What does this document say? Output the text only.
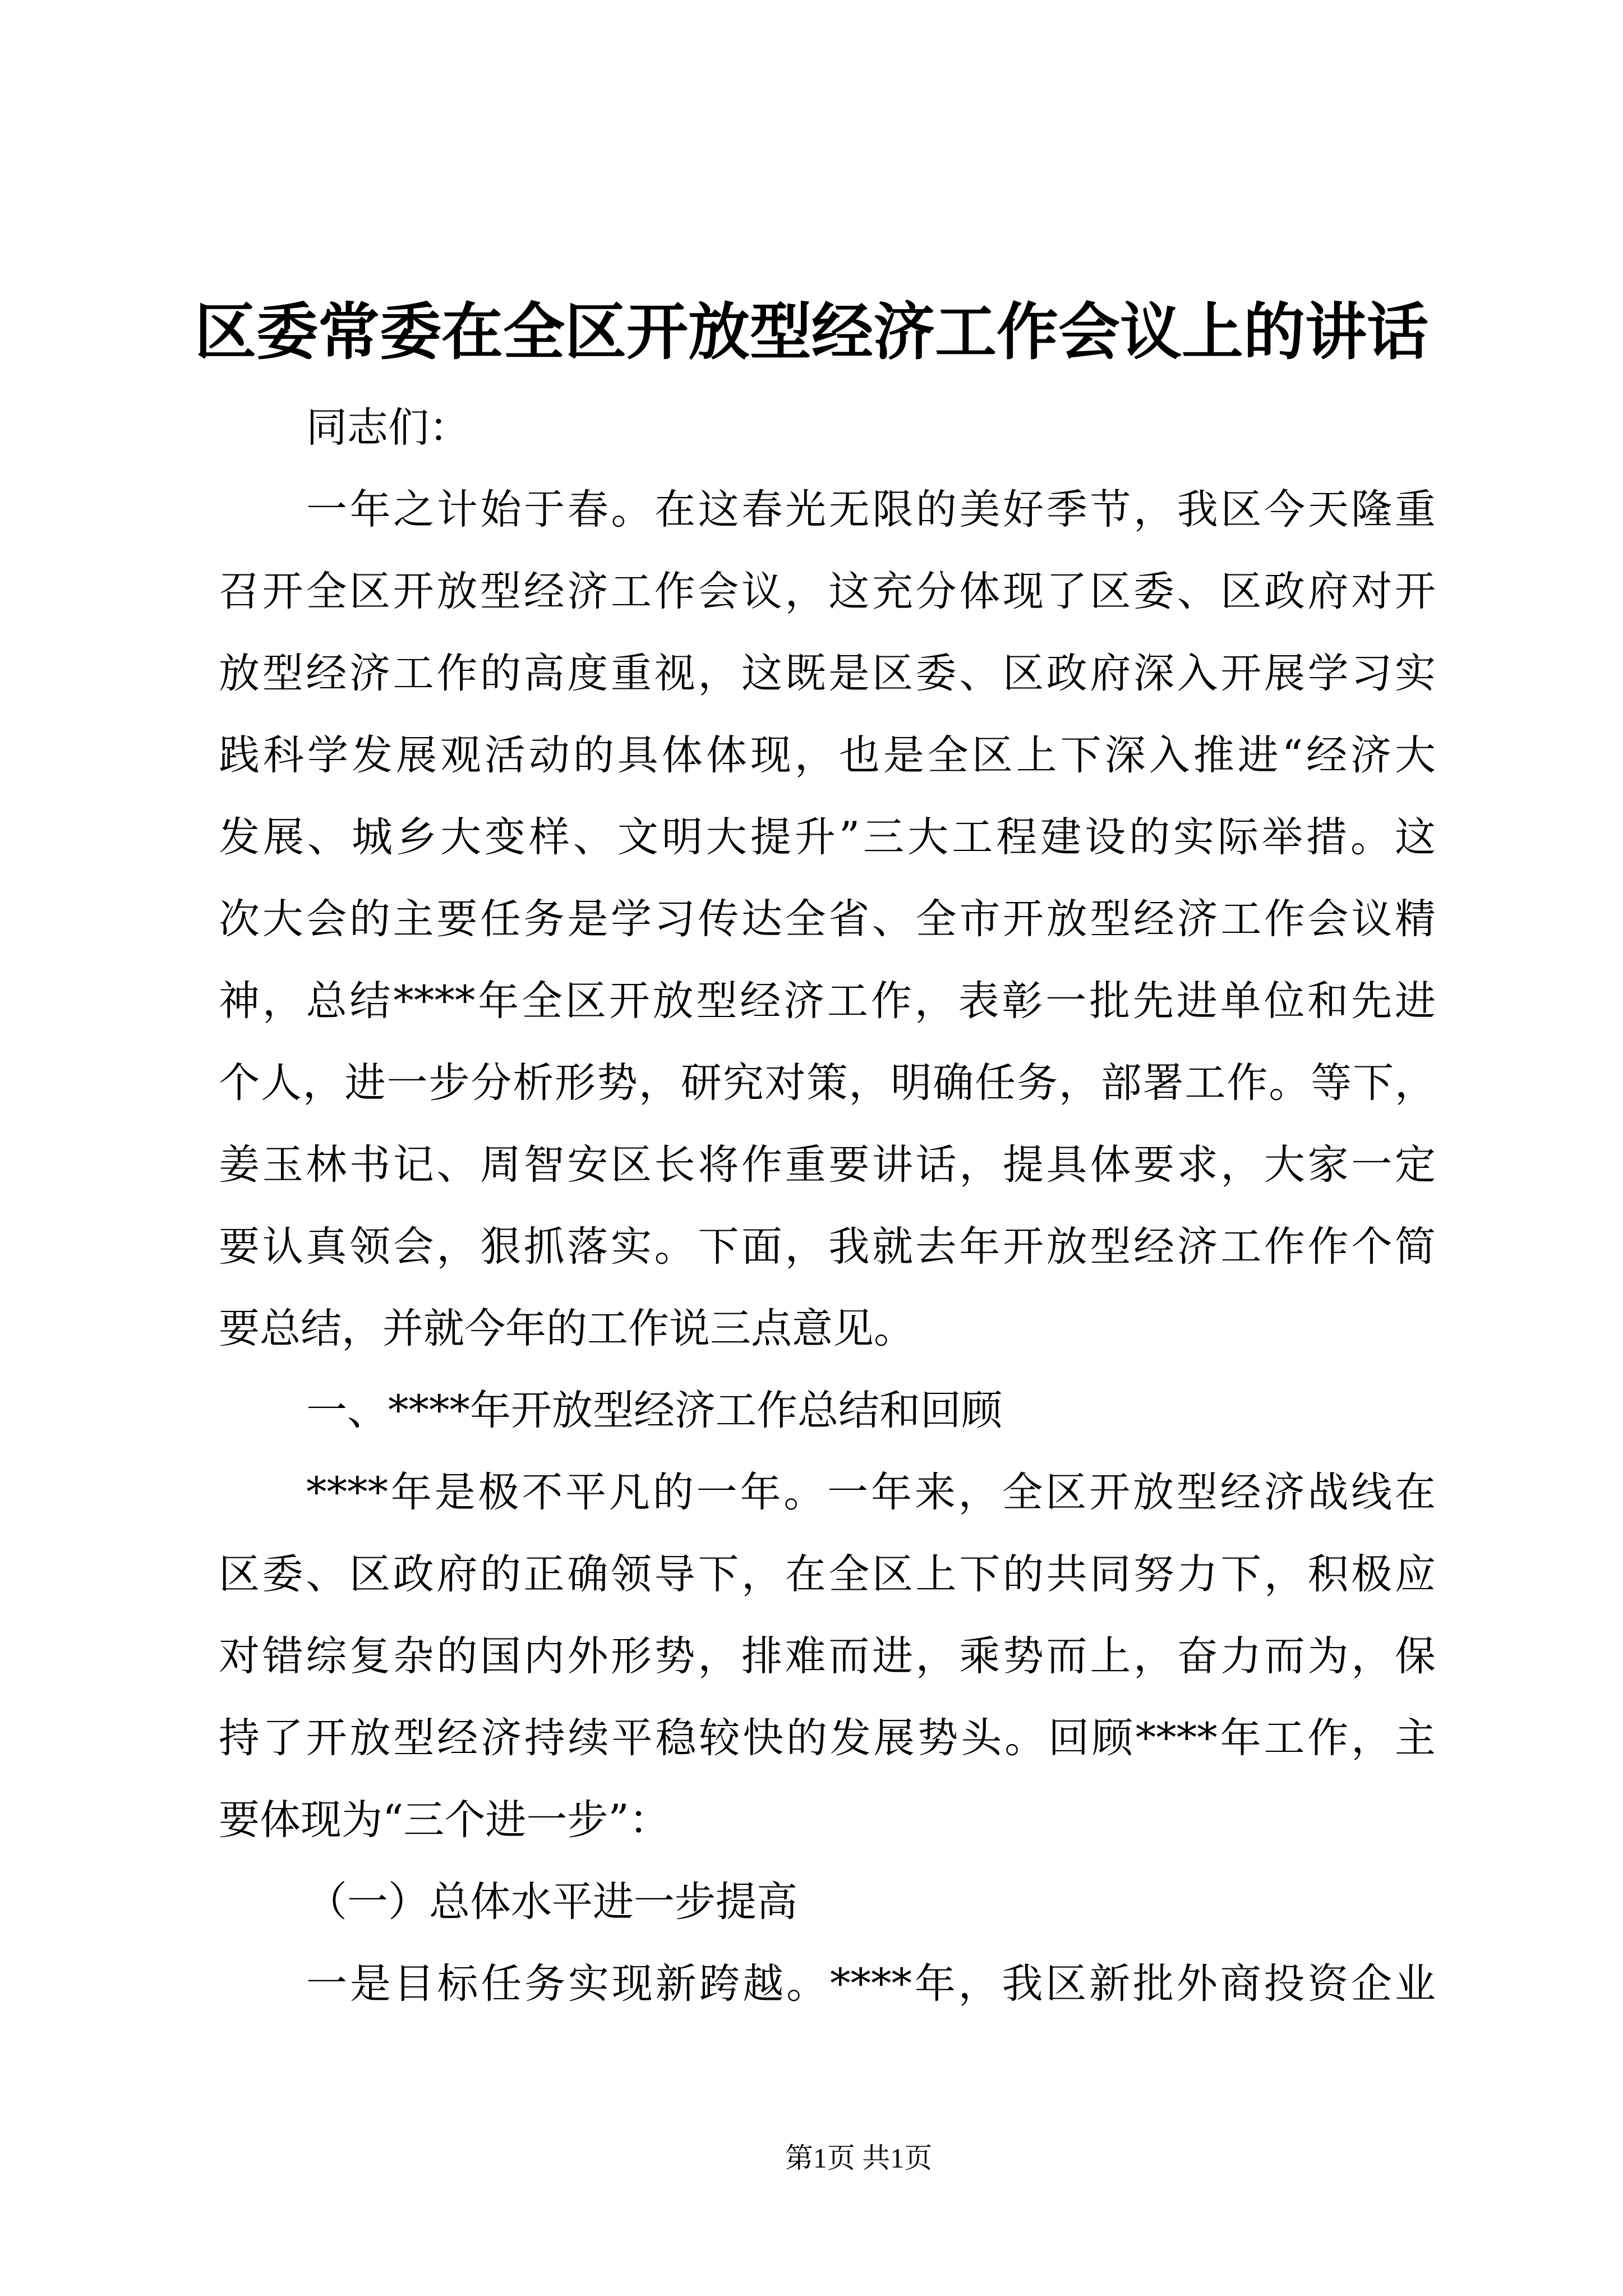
区委常委在全区开放型经济工作会议上的讲话
同志们：
一年之计始于春。在这春光无限的美好季节，我区今天隆重
召开全区开放型经济工作会议，这充分体现了区委、区政府对开
放型经济工作的高度重视，这既是区委、区政府深入开展学习实
践科学发展观活动的具体体现，也是全区上下深入推进“经济大
发展、城乡大变样、文明大提升”三大工程建设的实际举措。这
次大会的主要任务是学习传达全省、全市开放型经济工作会议精
神，总结****年全区开放型经济工作，表彰一批先进单位和先进
个人，进一步分析形势，研究对策，明确任务，部署工作。等下，
姜玉林书记、周智安区长将作重要讲话，提具体要求，大家一定
要认真领会，狠抓落实。下面，我就去年开放型经济工作作个简
要总结，并就今年的工作说三点意见。
一、****年开放型经济工作总结和回顾
****年是极不平凡的一年。一年来，全区开放型经济战线在
区委、区政府的正确领导下，在全区上下的共同努力下，积极应
对错综复杂的国内外形势，排难而进，乘势而上，奋力而为，保
持了开放型经济持续平稳较快的发展势头。回顾****年工作，主
要体现为“三个进一步”：
（一）总体水平进一步提高
一是目标任务实现新跨越。****年，我区新批外商投资企业
第1页 共1页
